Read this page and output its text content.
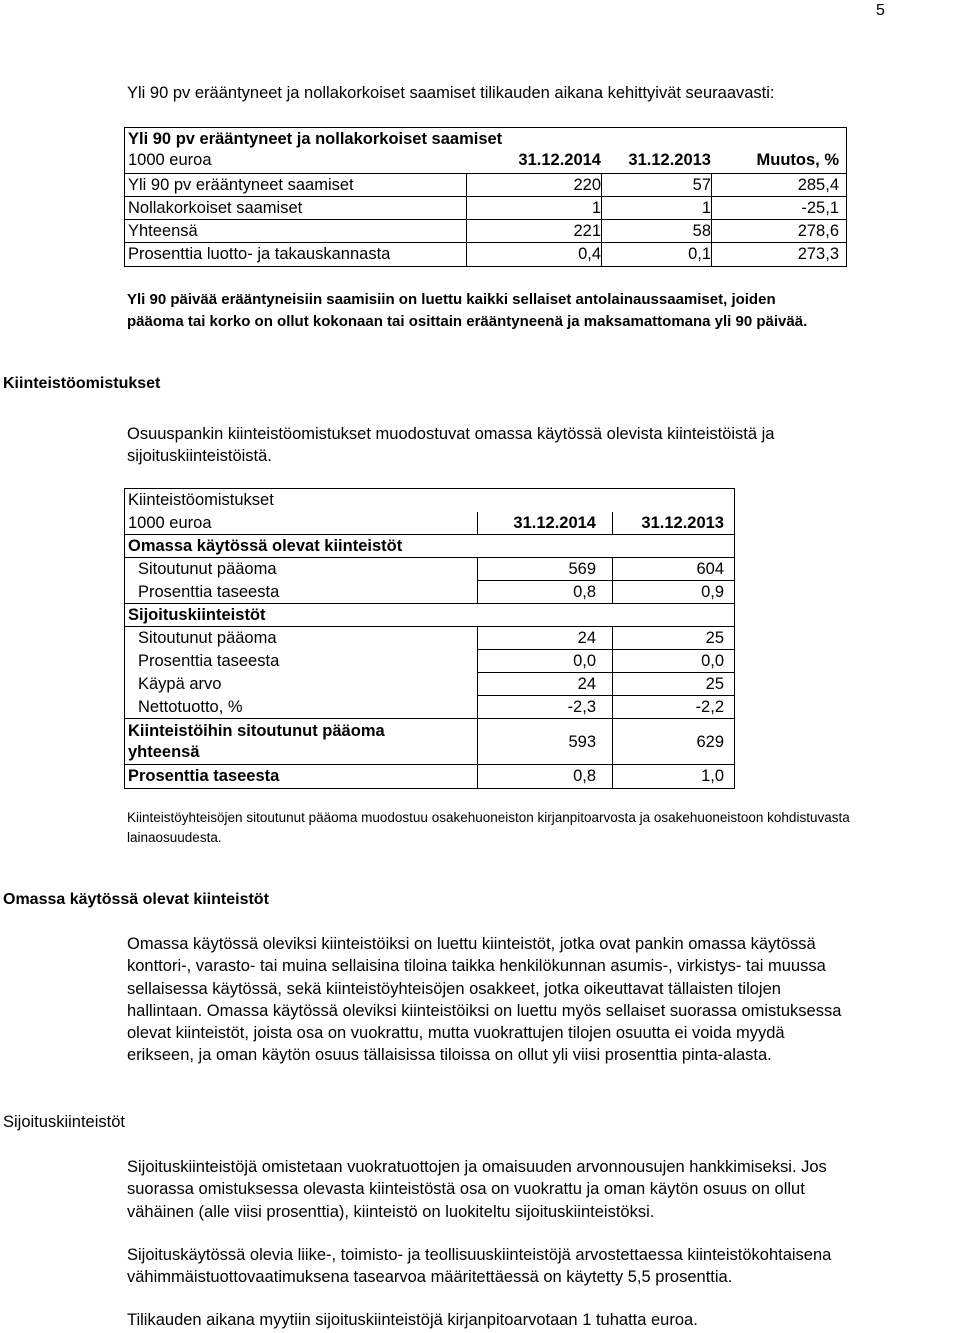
5
Yli 90 pv erääntyneet ja nollakorkoiset saamiset tilikauden aikana kehittyivät seuraavasti:
Yli 90 pv erääntyneet ja nollakorkoiset saamiset
1000 euroa	31.12.2014 31.12.2013	Muutos, %
Yli 90 pv erääntyneet saamiset	220	57	285,4
Nollakorkoiset saamiset	1	1	-25,1
Yhteensä	221	58	278,6
Prosenttia luotto- ja takauskannasta	0,4	0,1	273,3
Yli 90 päivää erääntyneisiin saamisiin on luettu kaikki sellaiset antolainaussaamiset, joiden
pääoma tai korko on ollut kokonaan tai osittain erääntyneenä ja maksamattomana yli 90 päivää.
Kiinteistöomistukset
Osuuspankin kiinteistöomistukset muodostuvat omassa käytössä olevista kiinteistöistä ja
sijoituskiinteistöistä.
Kiinteistöomistukset
1000 euroa	31.12.2014	31.12.2013
Omassa käytössä olevat kiinteistöt
Sitoutunut pääoma	569	604
Prosenttia taseesta	0,8	0,9
Sijoituskiinteistöt
Sitoutunut pääoma	24	25
Prosenttia taseesta	0,0	0,0
Käypä arvo	24	25
Nettotuotto, %	-2,3	-2,2
Kiinteistöihin sitoutunut pääoma
yhteensä
593	629
Prosenttia taseesta	0,8	1,0
Kiinteistöyhteisöjen sitoutunut pääoma muodostuu osakehuoneiston kirjanpitoarvosta ja osakehuoneistoon kohdistuvasta
lainaosuudesta.
Omassa käytössä olevat kiinteistöt
Omassa käytössä oleviksi kiinteistöiksi on luettu kiinteistöt, jotka ovat pankin omassa käytössä
konttori-, varasto- tai muina sellaisina tiloina taikka henkilökunnan asumis-, virkistys- tai muussa
sellaisessa käytössä, sekä kiinteistöyhteisöjen osakkeet, jotka oikeuttavat tällaisten tilojen
hallintaan. Omassa käytössä oleviksi kiinteistöiksi on luettu myös sellaiset suorassa omistuksessa
olevat kiinteistöt, joista osa on vuokrattu, mutta vuokrattujen tilojen osuutta ei voida myydä
erikseen, ja oman käytön osuus tällaisissa tiloissa on ollut yli viisi prosenttia pinta-alasta.
Sijoituskiinteistöt
Sijoituskiinteistöjä omistetaan vuokratuottojen ja omaisuuden arvonnousujen hankkimiseksi. Jos
suorassa omistuksessa olevasta kiinteistöstä osa on vuokrattu ja oman käytön osuus on ollut
vähäinen (alle viisi prosenttia), kiinteistö on luokiteltu sijoituskiinteistöksi.
Sijoituskäytössä olevia liike-, toimisto- ja teollisuuskiinteistöjä arvostettaessa kiinteistökohtaisena
vähimmäistuottovaatimuksena tasearvoa määritettäessä on käytetty 5,5 prosenttia.
Tilikauden aikana myytiin sijoituskiinteistöjä kirjanpitoarvotaan 1 tuhatta euroa.
